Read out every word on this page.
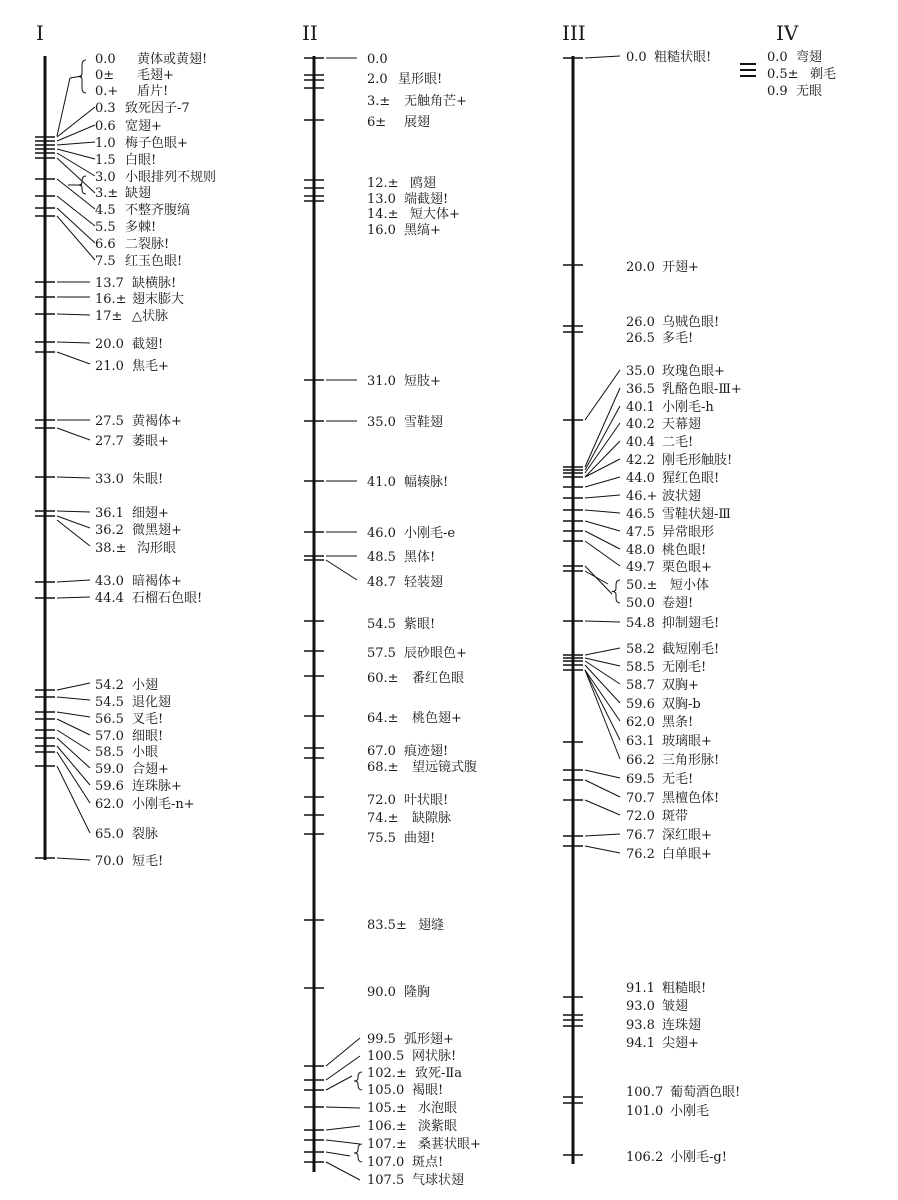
I	II	III	IV
0.0 黄体或黄翅!
0± 毛翅+
0.+ 盾片!
0.3 致死因子-7
0.6 宽翅+
1.0 梅子色眼+
1.5 白眼!
3.0 小眼排列不规则
3.± 缺翅
4.5 不整齐腹缟
5.5 多棘!
6.6 二裂脉!
7.5 红玉色眼!
13.7 缺横脉!
16.± 翅末膨大
17± △状脉
20.0 截翅!
21.0 焦毛+
27.5 黄褐体+
27.7 萎眼+
33.0 朱眼!
36.1 细翅+
36.2 微黑翅+
38.± 沟形眼
43.0 暗褐体+
44.4 石榴石色眼!
54.2 小翅
54.5 退化翅
56.5 叉毛!
57.0 细眼!
58.5 小眼
59.0 合翅+
59.6 连珠脉+
62.0 小刚毛-n+
65.0 裂脉
70.0 短毛!
0.0
2.0 星形眼!
3.± 无触角芒+
6± 展翅
12.± 鸥翅
13.0 端截翅!
14.± 短大体+
16.0 黑缟+
31.0 短肢+
35.0 雪鞋翅
41.0 幅辏脉!
46.0 小刚毛-e
48.5 黑体!
48.7 轻装翅
54.5 紫眼!
57.5 辰砂眼色+
60.± 番红色眼
64.± 桃色翅+
67.0 痕迹翅!
68.± 望远镜式腹
72.0 叶状眼!
74.± 缺隙脉
75.5 曲翅!
83.5± 翅缝
90.0 隆胸
99.5 弧形翅+
100.5 网状脉!
102.± 致死-Ⅱa
105.0 褐眼!
105.± 水泡眼
106.± 淡紫眼
107.± 桑葚状眼+
107.0 斑点!
107.5 气球状翅
0.0 粗糙状眼!
20.0 开翅+
26.0 乌贼色眼!
26.5 多毛!
35.0 玫瑰色眼+
36.5 乳酪色眼-Ⅲ+
40.1 小刚毛-h
40.2 天幕翅
40.4 二毛!
42.2 刚毛形触肢!
44.0 猩红色眼!
46.+ 波状翅
46.5 雪鞋状翅-Ⅲ
47.5 异常眼形
48.0 桃色眼!
49.7 栗色眼+
50.± 短小体
50.0 卷翅!
54.8 抑制翅毛!
58.2 截短刚毛!
58.5 无刚毛!
58.7 双胸+
59.6 双胸-b
62.0 黑条!
63.1 玻璃眼+
66.2 三角形脉!
69.5 无毛!
70.7 黑檀色体!
72.0 斑带
76.7 深红眼+
76.2 白单眼+
91.1 粗糙眼!
93.0 皱翅
93.8 连珠翅
94.1 尖翅+
100.7 葡萄酒色眼!
101.0 小刚毛
106.2 小刚毛-g!
0.0 弯翅
0.5± 剃毛
0.9 无眼
